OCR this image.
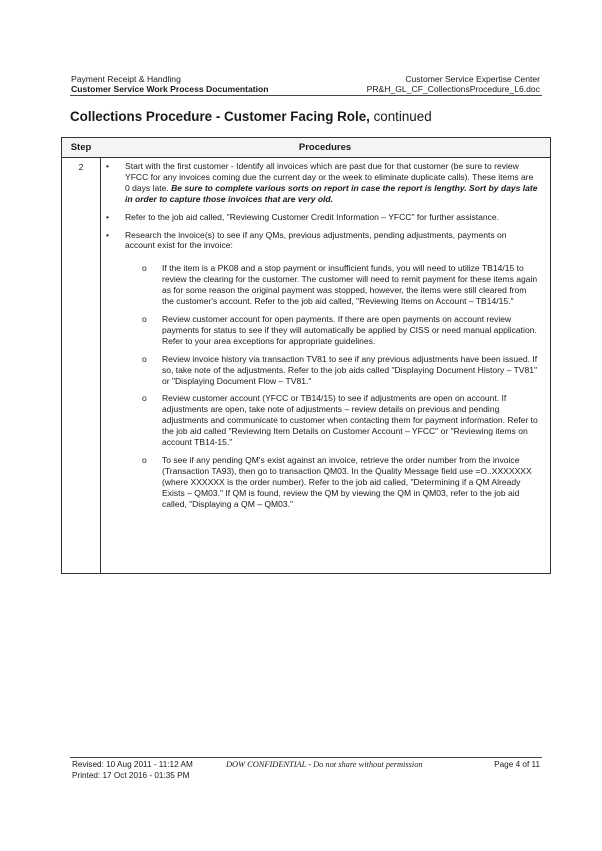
Payment Receipt & Handling
Customer Service Work Process Documentation
Customer Service Expertise Center
PR&H_GL_CF_CollectionsProcedure_L6.doc
Collections Procedure - Customer Facing Role, continued
Step	Procedures
2	• Start with the first customer - Identify all invoices which are past due for that customer (be sure to review YFCC for any invoices coming due the current day or the week to eliminate duplicate calls). These items are 0 days late. Be sure to complete various sorts on report in case the report is lengthy. Sort by days late in order to capture those invoices that are very old.
• Refer to the job aid called, "Reviewing Customer Credit Information – YFCC" for further assistance.
• Research the invoice(s) to see if any QMs, previous adjustments, pending adjustments, payments on account exist for the invoice:
o If the item is a PK08 and a stop payment or insufficient funds, you will need to utilize TB14/15 to review the clearing for the customer. The customer will need to remit payment for these items again as for some reason the original payment was stopped, however, the items were still cleared from the customer's account. Refer to the job aid called, "Reviewing Items on Account – TB14/15."
o Review customer account for open payments. If there are open payments on account review payments for status to see if they will automatically be applied by CISS or need manual application. Refer to your area exceptions for appropriate guidelines.
o Review invoice history via transaction TV81 to see if any previous adjustments have been issued. If so, take note of the adjustments. Refer to the job aids called "Displaying Document History – TV81" or "Displaying Document Flow – TV81."
o Review customer account (YFCC or TB14/15) to see if adjustments are open on account. If adjustments are open, take note of adjustments – review details on previous and pending adjustments and communicate to customer when contacting them for payment information. Refer to the job aid called "Reviewing Item Details on Customer Account – YFCC" or "Reviewing items on account TB14-15."
o To see if any pending QM's exist against an invoice, retrieve the order number from the invoice (Transaction TA93), then go to transaction QM03. In the Quality Message field use =O..XXXXXXX (where XXXXXX is the order number). Refer to the job aid called, "Determining if a QM Already Exists – QM03." If QM is found, review the QM by viewing the QM in QM03, refer to the job aid called, "Displaying a QM – QM03."
Revised: 10 Aug 2011 - 11:12 AM
Printed: 17 Oct 2016 - 01:35 PM
DOW CONFIDENTIAL - Do not share without permission	Page 4 of 11
